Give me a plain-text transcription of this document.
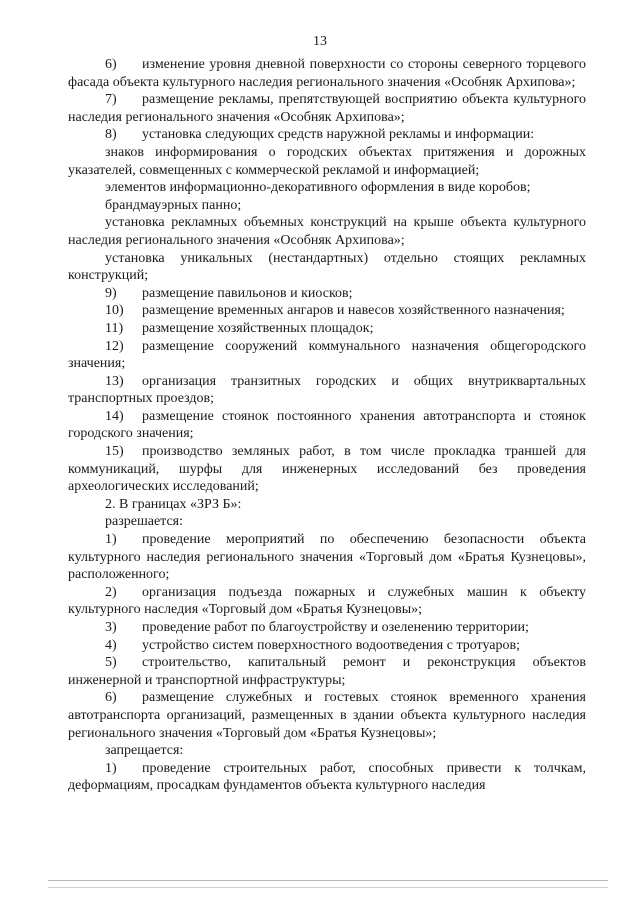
13

6) изменение уровня дневной поверхности со стороны северного торцевого фасада объекта культурного наследия регионального значения «Особняк Архипова»;

7) размещение рекламы, препятствующей восприятию объекта культурного наследия регионального значения «Особняк Архипова»;

8) установка следующих средств наружной рекламы и информации:

знаков информирования о городских объектах притяжения и дорожных указателей, совмещенных с коммерческой рекламой и информацией;

элементов информационно-декоративного оформления в виде коробов;

брандмауэрных панно;

установка рекламных объемных конструкций на крыше объекта культурного наследия регионального значения «Особняк Архипова»;

установка уникальных (нестандартных) отдельно стоящих рекламных конструкций;

9) размещение павильонов и киосков;

10) размещение временных ангаров и навесов хозяйственного назначения;

11) размещение хозяйственных площадок;

12) размещение сооружений коммунального назначения общегородского значения;

13) организация транзитных городских и общих внутриквартальных транспортных проездов;

14) размещение стоянок постоянного хранения автотранспорта и стоянок городского значения;

15) производство земляных работ, в том числе прокладка траншей для коммуникаций, шурфы для инженерных исследований без проведения археологических исследований;

2. В границах «ЗРЗ Б»:

разрешается:

1) проведение мероприятий по обеспечению безопасности объекта культурного наследия регионального значения «Торговый дом «Братья Кузнецовы», расположенного;

2) организация подъезда пожарных и служебных машин к объекту культурного наследия «Торговый дом «Братья Кузнецовы»;

3) проведение работ по благоустройству и озеленению территории;

4) устройство систем поверхностного водоотведения с тротуаров;

5) строительство, капитальный ремонт и реконструкция объектов инженерной и транспортной инфраструктуры;

6) размещение служебных и гостевых стоянок временного хранения автотранспорта организаций, размещенных в здании объекта культурного наследия регионального значения «Торговый дом «Братья Кузнецовы»;

запрещается:

1) проведение строительных работ, способных привести к толчкам, деформациям, просадкам фундаментов объекта культурного наследия
